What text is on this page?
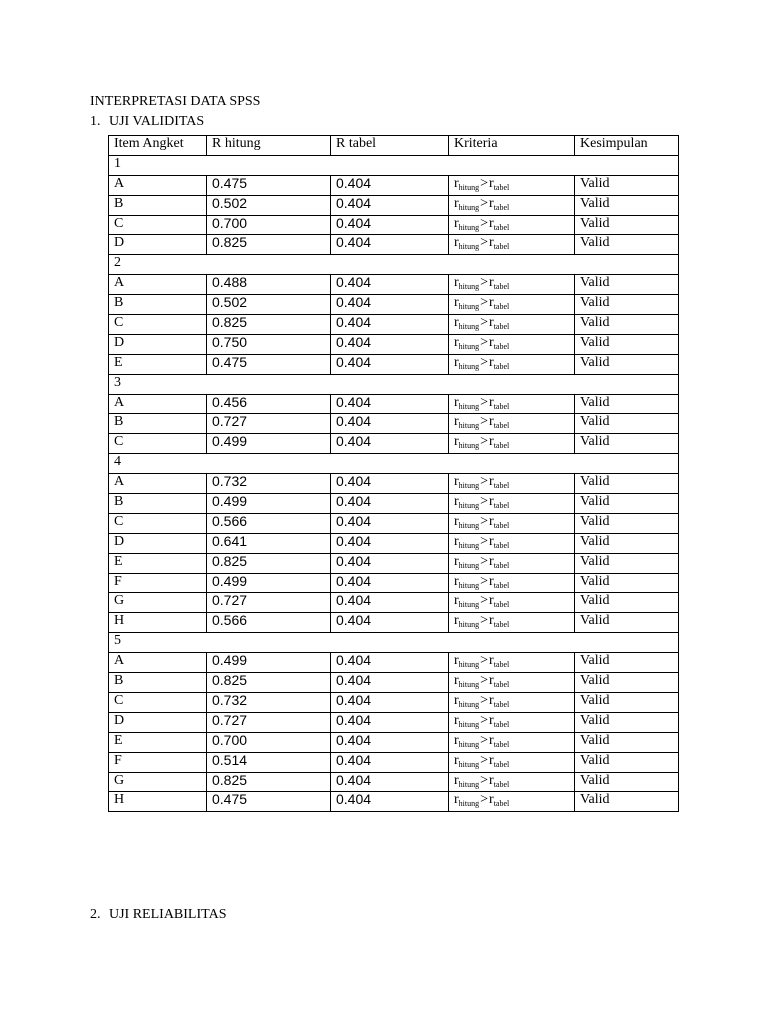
INTERPRETASI DATA SPSS
1. UJI VALIDITAS
Item Angket	R hitung	R tabel	Kriteria	Kesimpulan
1				
A	0.475	0.404	$r_{hitung}>r_{tabel}$	Valid
B	0.502	0.404	$r_{hitung}>r_{tabel}$	Valid
C	0.700	0.404	$r_{hitung}>r_{tabel}$	Valid
D	0.825	0.404	$r_{hitung}>r_{tabel}$	Valid
2				
A	0.488	0.404	$r_{hitung}>r_{tabel}$	Valid
B	0.502	0.404	$r_{hitung}>r_{tabel}$	Valid
C	0.825	0.404	$r_{hitung}>r_{tabel}$	Valid
D	0.750	0.404	$r_{hitung}>r_{tabel}$	Valid
E	0.475	0.404	$r_{hitung}>r_{tabel}$	Valid
3				
A	0.456	0.404	$r_{hitung}>r_{tabel}$	Valid
B	0.727	0.404	$r_{hitung}>r_{tabel}$	Valid
C	0.499	0.404	$r_{hitung}>r_{tabel}$	Valid
4				
A	0.732	0.404	$r_{hitung}>r_{tabel}$	Valid
B	0.499	0.404	$r_{hitung}>r_{tabel}$	Valid
C	0.566	0.404	$r_{hitung}>r_{tabel}$	Valid
D	0.641	0.404	$r_{hitung}>r_{tabel}$	Valid
E	0.825	0.404	$r_{hitung}>r_{tabel}$	Valid
F	0.499	0.404	$r_{hitung}>r_{tabel}$	Valid
G	0.727	0.404	$r_{hitung}>r_{tabel}$	Valid
H	0.566	0.404	$r_{hitung}>r_{tabel}$	Valid
5				
A	0.499	0.404	$r_{hitung}>r_{tabel}$	Valid
B	0.825	0.404	$r_{hitung}>r_{tabel}$	Valid
C	0.732	0.404	$r_{hitung}>r_{tabel}$	Valid
D	0.727	0.404	$r_{hitung}>r_{tabel}$	Valid
E	0.700	0.404	$r_{hitung}>r_{tabel}$	Valid
F	0.514	0.404	$r_{hitung}>r_{tabel}$	Valid
G	0.825	0.404	$r_{hitung}>r_{tabel}$	Valid
H	0.475	0.404	$r_{hitung}>r_{tabel}$	Valid
2. UJI RELIABILITAS
